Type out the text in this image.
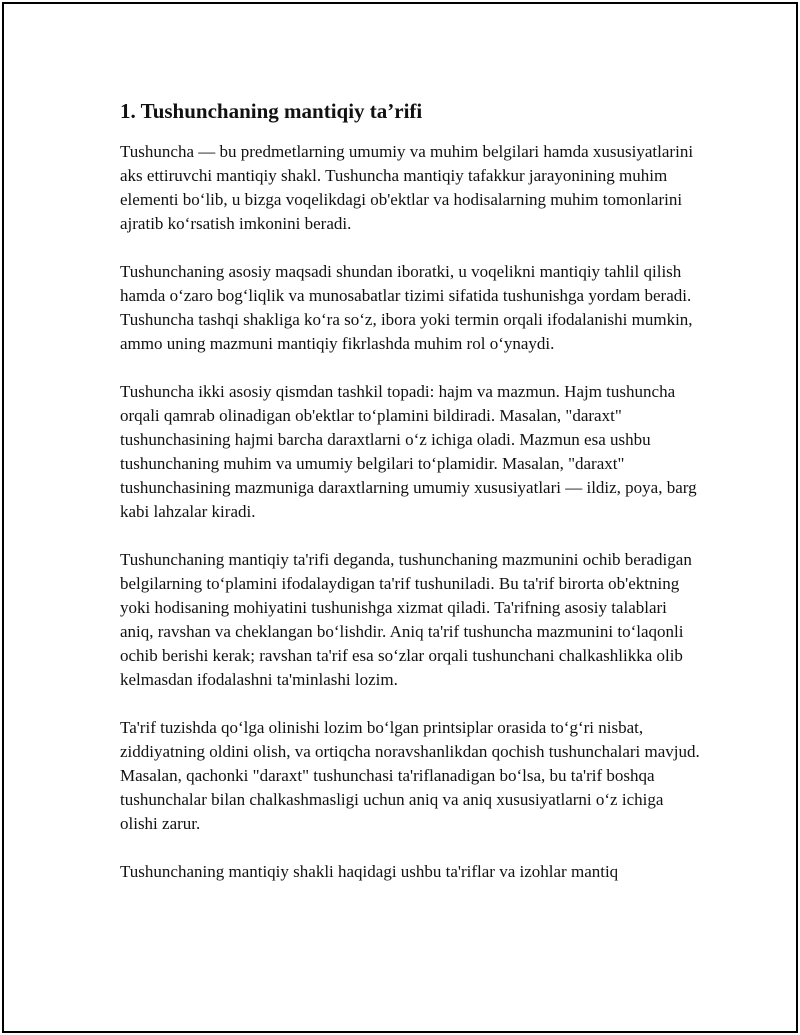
1. Tushunchaning mantiqiy ta’rifi

Tushuncha — bu predmetlarning umumiy va muhim belgilari hamda xususiyatlarini aks ettiruvchi mantiqiy shakl. Tushuncha mantiqiy tafakkur jarayonining muhim elementi bo‘lib, u bizga voqelikdagi ob'ektlar va hodisalarning muhim tomonlarini ajratib ko‘rsatish imkonini beradi.

Tushunchaning asosiy maqsadi shundan iboratki, u voqelikni mantiqiy tahlil qilish hamda o‘zaro bog‘liqlik va munosabatlar tizimi sifatida tushunishga yordam beradi. Tushuncha tashqi shakliga ko‘ra so‘z, ibora yoki termin orqali ifodalanishi mumkin, ammo uning mazmuni mantiqiy fikrlashda muhim rol o‘ynaydi.

Tushuncha ikki asosiy qismdan tashkil topadi: hajm va mazmun. Hajm tushuncha orqali qamrab olinadigan ob'ektlar to‘plamini bildiradi. Masalan, "daraxt" tushunchasining hajmi barcha daraxtlarni o‘z ichiga oladi. Mazmun esa ushbu tushunchaning muhim va umumiy belgilari to‘plamidir. Masalan, "daraxt" tushunchasining mazmuniga daraxtlarning umumiy xususiyatlari — ildiz, poya, barg kabi lahzalar kiradi.

Tushunchaning mantiqiy ta'rifi deganda, tushunchaning mazmunini ochib beradigan belgilarning to‘plamini ifodalaydigan ta'rif tushuniladi. Bu ta'rif birorta ob'ektning yoki hodisaning mohiyatini tushunishga xizmat qiladi. Ta'rifning asosiy talablari aniq, ravshan va cheklangan bo‘lishdir. Aniq ta'rif tushuncha mazmunini to‘laqonli ochib berishi kerak; ravshan ta'rif esa so‘zlar orqali tushunchani chalkashlikka olib kelmasdan ifodalashni ta'minlashi lozim.

Ta'rif tuzishda qo‘lga olinishi lozim bo‘lgan printsiplar orasida to‘g‘ri nisbat, ziddiyatning oldini olish, va ortiqcha noravshanlikdan qochish tushunchalari mavjud. Masalan, qachonki "daraxt" tushunchasi ta'riflanadigan bo‘lsa, bu ta'rif boshqa tushunchalar bilan chalkashmasligi uchun aniq va aniq xususiyatlarni o‘z ichiga olishi zarur.

Tushunchaning mantiqiy shakli haqidagi ushbu ta'riflar va izohlar mantiq
